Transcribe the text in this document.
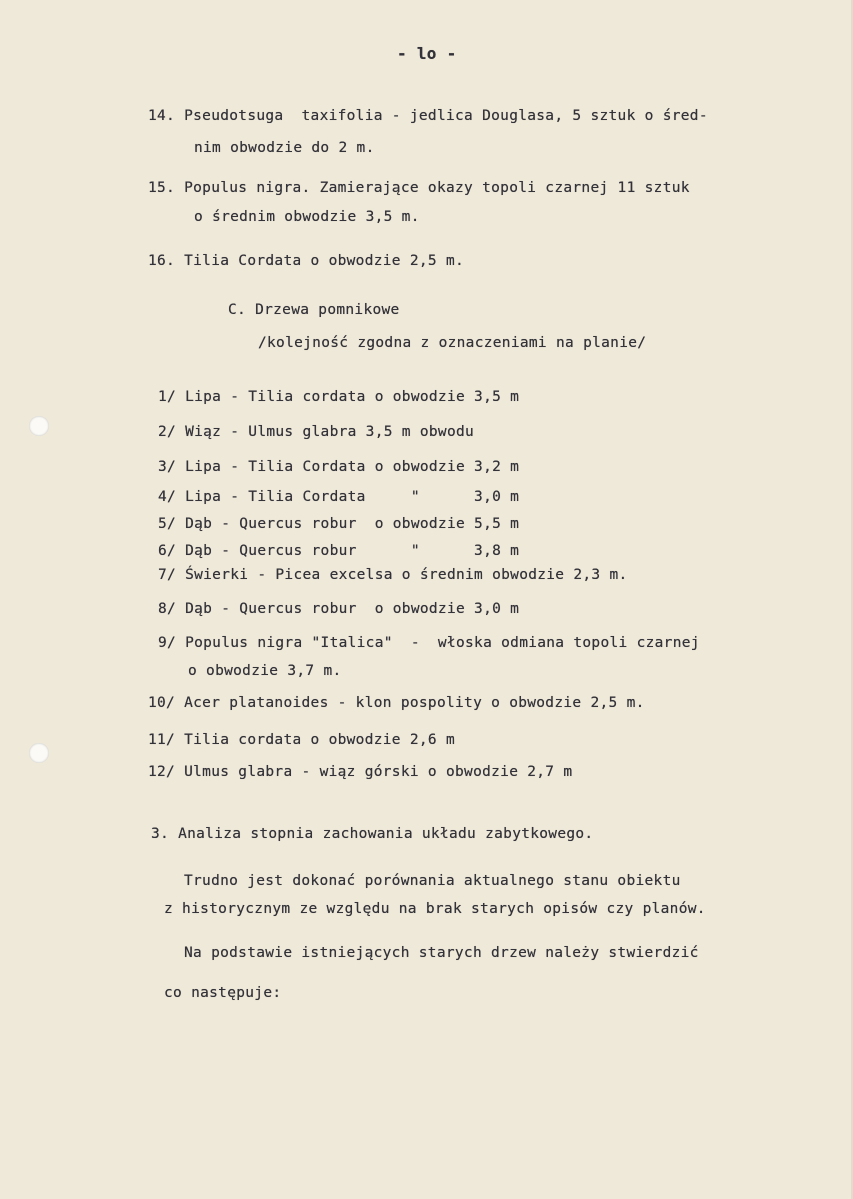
- lo -
14. Pseudotsuga  taxifolia - jedlica Douglasa, 5 sztuk o śred-
nim obwodzie do 2 m.
15. Populus nigra. Zamierające okazy topoli czarnej 11 sztuk
o średnim obwodzie 3,5 m.
16. Tilia Cordata o obwodzie 2,5 m.
C. Drzewa pomnikowe
/kolejność zgodna z oznaczeniami na planie/
1/ Lipa - Tilia cordata o obwodzie 3,5 m
2/ Wiąz - Ulmus glabra 3,5 m obwodu
3/ Lipa - Tilia Cordata o obwodzie 3,2 m
4/ Lipa - Tilia Cordata     "      3,0 m
5/ Dąb - Quercus robur  o obwodzie 5,5 m
6/ Dąb - Quercus robur      "      3,8 m
7/ Świerki - Picea excelsa o średnim obwodzie 2,3 m.
8/ Dąb - Quercus robur  o obwodzie 3,0 m
9/ Populus nigra "Italica"  -  włoska odmiana topoli czarnej
o obwodzie 3,7 m.
10/ Acer platanoides - klon pospolity o obwodzie 2,5 m.
11/ Tilia cordata o obwodzie 2,6 m
12/ Ulmus glabra - wiąz górski o obwodzie 2,7 m
3. Analiza stopnia zachowania układu zabytkowego.
Trudno jest dokonać porównania aktualnego stanu obiektu
z historycznym ze względu na brak starych opisów czy planów.
Na podstawie istniejących starych drzew należy stwierdzić
co następuje:
